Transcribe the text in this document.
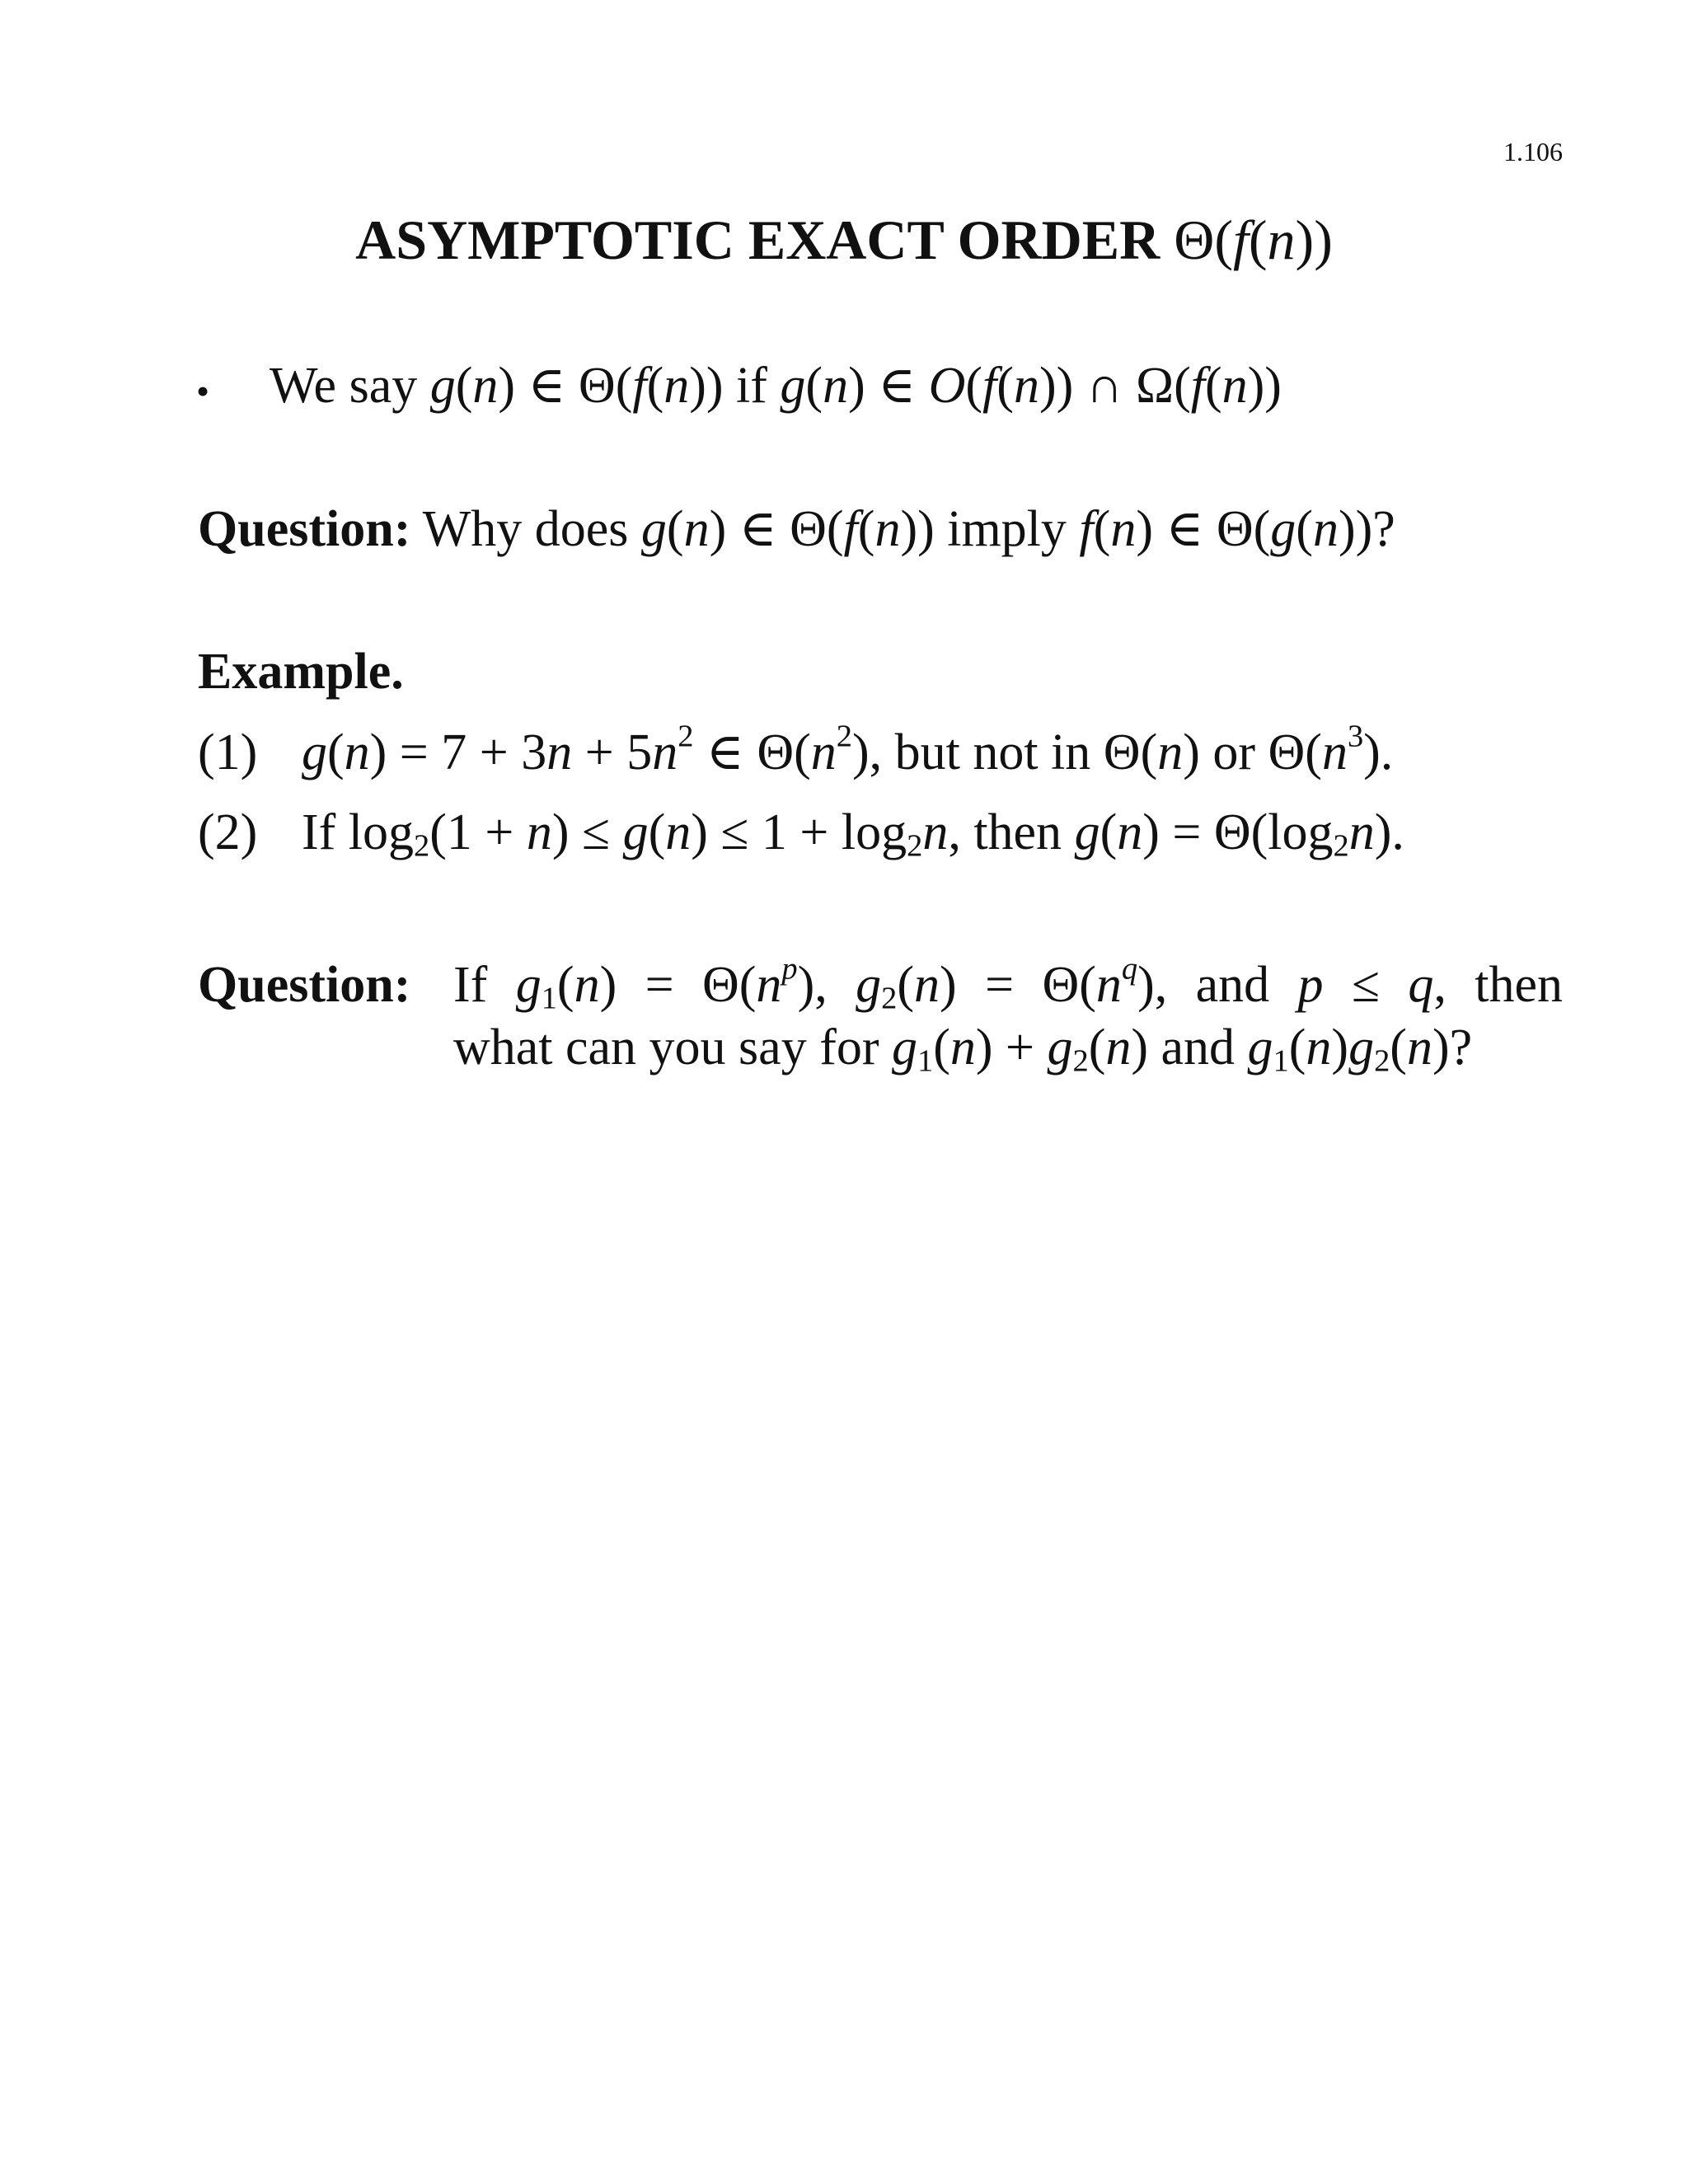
1.106
ASYMPTOTIC EXACT ORDER Θ(f(n))
• We say g(n) ∈ Θ(f(n)) if g(n) ∈ O(f(n)) ∩ Ω(f(n))
Question: Why does g(n) ∈ Θ(f(n)) imply f(n) ∈ Θ(g(n))?
Example.
(1) $g(n) = 7 + 3n + 5n^2$ ∈ $\Theta(n^2)$, but not in Θ(n) or $\Theta(n^3)$.
(2) If $\log_2(1 + n) \le g(n) \le 1 + \log_2n$, then $g(n) = \Theta(\log_2n)$.
Question: If $g_1(n) = \Theta(n^p)$, $g_2(n) = \Theta(n^q)$, and p ≤ q, then
what can you say for $g_1(n) + g_2(n)$ and $g_1(n)g_2(n)$?
